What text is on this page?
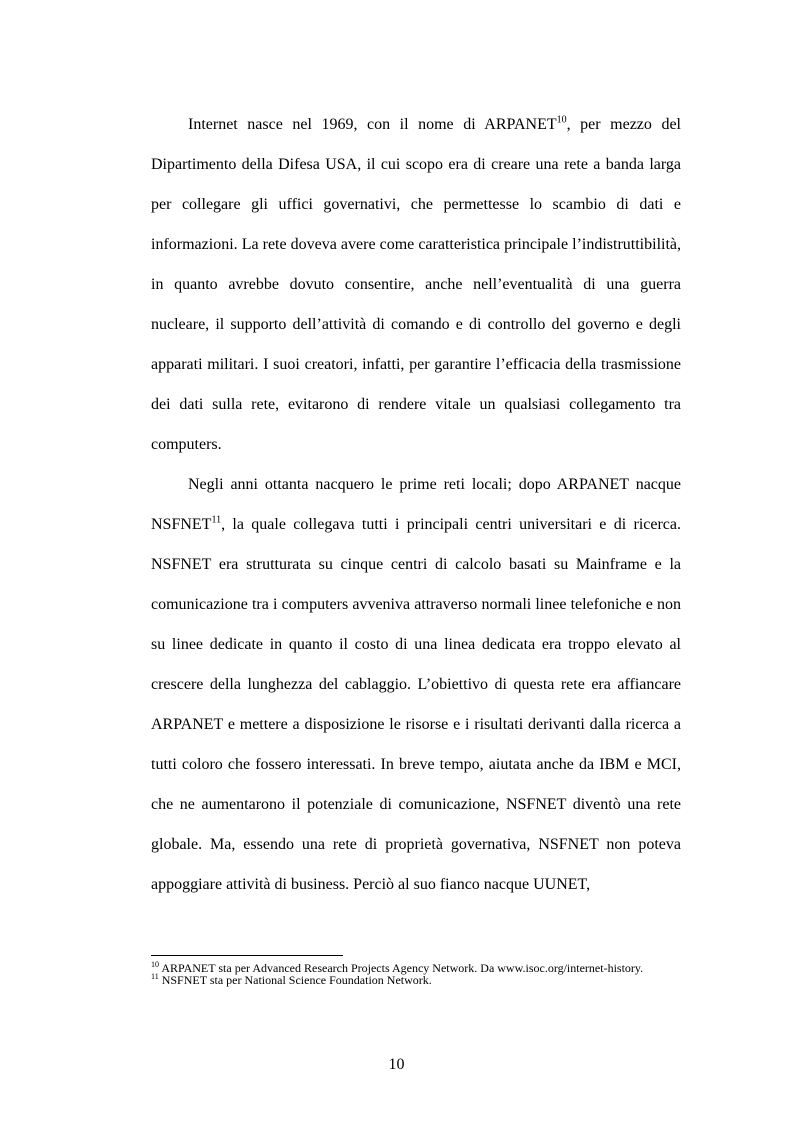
Internet nasce nel 1969, con il nome di ARPANET$^{10}$, per mezzo del Dipartimento della Difesa USA, il cui scopo era di creare una rete a banda larga per collegare gli uffici governativi, che permettesse lo scambio di dati e informazioni. La rete doveva avere come caratteristica principale l’indistruttibilità, in quanto avrebbe dovuto consentire, anche nell’eventualità di una guerra nucleare, il supporto dell’attività di comando e di controllo del governo e degli apparati militari. I suoi creatori, infatti, per garantire l’efficacia della trasmissione dei dati sulla rete, evitarono di rendere vitale un qualsiasi collegamento tra computers.

Negli anni ottanta nacquero le prime reti locali; dopo ARPANET nacque NSFNET$^{11}$, la quale collegava tutti i principali centri universitari e di ricerca. NSFNET era strutturata su cinque centri di calcolo basati su Mainframe e la comunicazione tra i computers avveniva attraverso normali linee telefoniche e non su linee dedicate in quanto il costo di una linea dedicata era troppo elevato al crescere della lunghezza del cablaggio. L’obiettivo di questa rete era affiancare ARPANET e mettere a disposizione le risorse e i risultati derivanti dalla ricerca a tutti coloro che fossero interessati. In breve tempo, aiutata anche da IBM e MCI, che ne aumentarono il potenziale di comunicazione, NSFNET diventò una rete globale. Ma, essendo una rete di proprietà governativa, NSFNET non poteva appoggiare attività di business. Perciò al suo fianco nacque UUNET,

$^{10}$ ARPANET sta per Advanced Research Projects Agency Network. Da www.isoc.org/internet-history.

$^{11}$ NSFNET sta per National Science Foundation Network.

10
